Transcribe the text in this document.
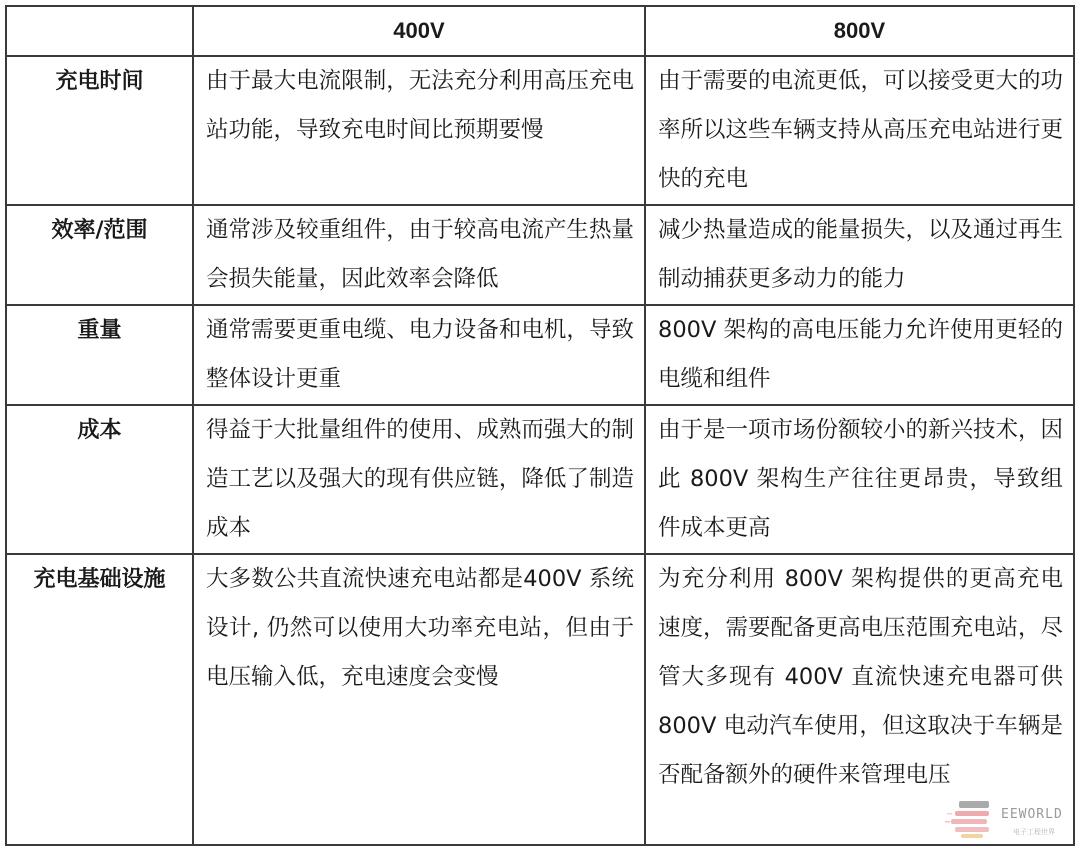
	400V	800V
充电时间	由于最大电流限制，无法充分利用高压充电站功能，导致充电时间比预期要慢	由于需要的电流更低，可以接受更大的功率所以这些车辆支持从高压充电站进行更快的充电
效率/范围	通常涉及较重组件，由于较高电流产生热量会损失能量，因此效率会降低	减少热量造成的能量损失，以及通过再生制动捕获更多动力的能力
重量	通常需要更重电缆、电力设备和电机，导致整体设计更重	800V 架构的高电压能力允许使用更轻的电缆和组件
成本	得益于大批量组件的使用、成熟而强大的制造工艺以及强大的现有供应链，降低了制造成本	由于是一项市场份额较小的新兴技术，因此 800V 架构生产往往更昂贵，导致组件成本更高
充电基础设施	大多数公共直流快速充电站都是400V 系统设计, 仍然可以使用大功率充电站，但由于电压输入低，充电速度会变慢	为充分利用 800V 架构提供的更高充电速度，需要配备更高电压范围充电站，尽管大多现有 400V 直流快速充电器可供 800V 电动汽车使用，但这取决于车辆是否配备额外的硬件来管理电压
EEWORLD
电子工程世界
